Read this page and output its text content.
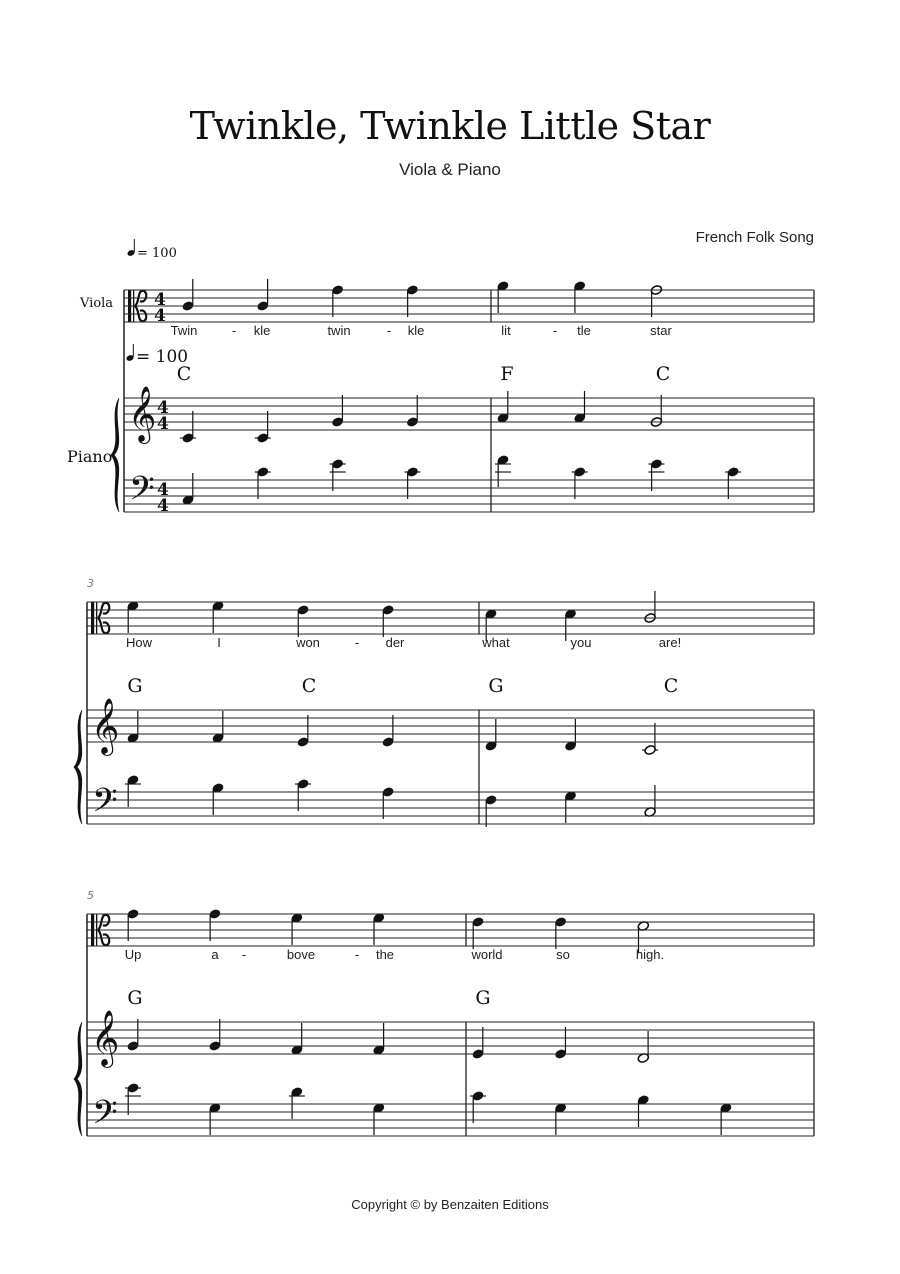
Twinkle, Twinkle Little Star
Viola & Piano
French Folk Song
𝄞
𝄢
4
4
4
4
4
4
Twin	- kle	twin	- kle	lit	- tle	star
C	F	C
Viola
Piano
= 100
= 100
𝄞
𝄢
3
How	I	won	- der	what	you	are!
G	C	G	C
𝄞
𝄢
5
Up	a -	bove	- the	world	so	high.
G	G
Copyright © by Benzaiten Editions
